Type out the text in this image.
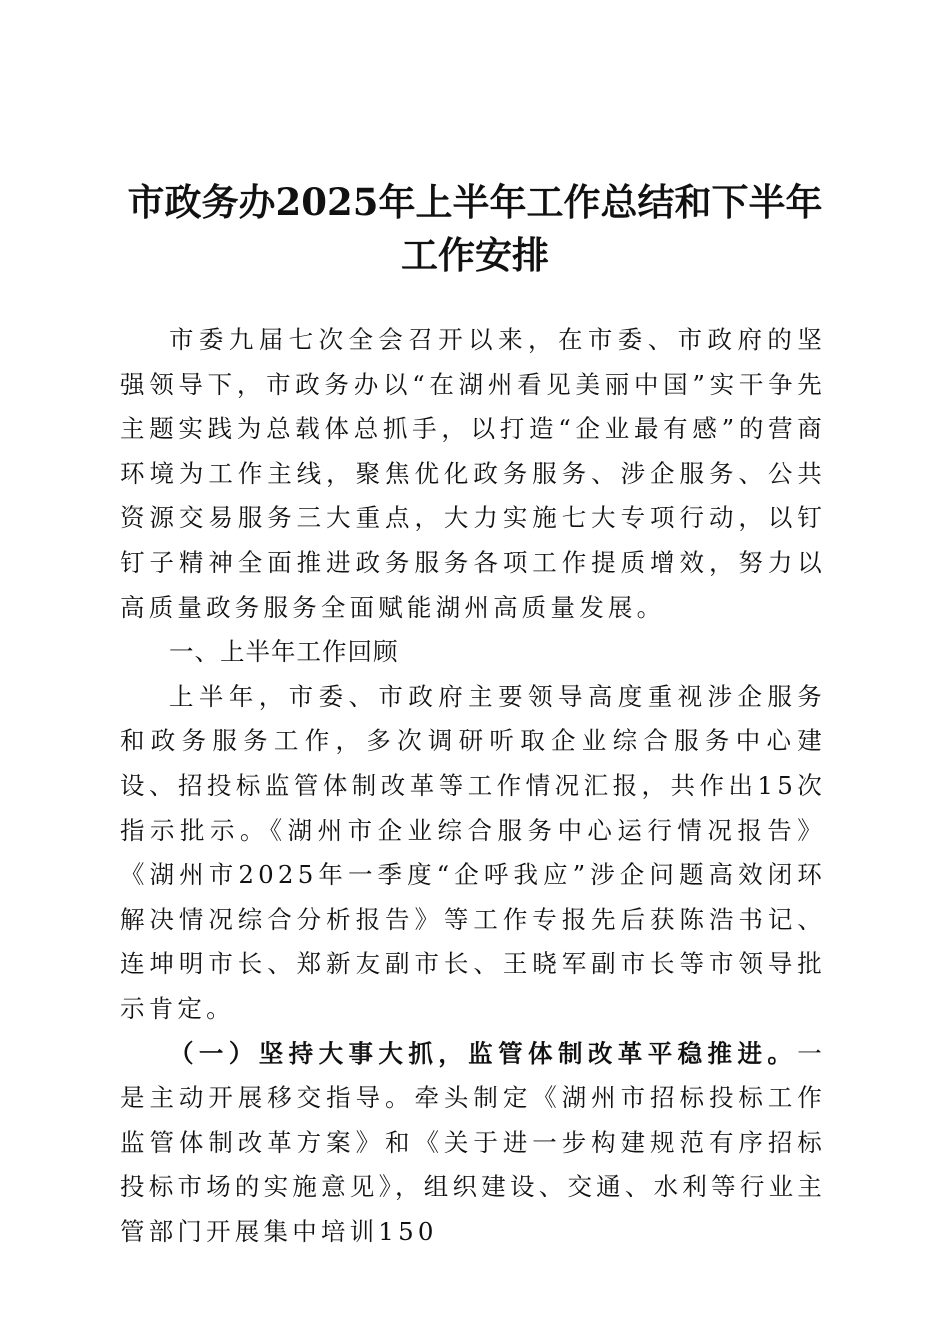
市政务办2025年上半年工作总结和下半年工作安排

市委九届七次全会召开以来，在市委、市政府的坚强领导下，市政务办以“在湖州看见美丽中国”实干争先主题实践为总载体总抓手，以打造“企业最有感”的营商环境为工作主线，聚焦优化政务服务、涉企服务、公共资源交易服务三大重点，大力实施七大专项行动，以钉钉子精神全面推进政务服务各项工作提质增效，努力以高质量政务服务全面赋能湖州高质量发展。

一、上半年工作回顾

上半年，市委、市政府主要领导高度重视涉企服务和政务服务工作，多次调研听取企业综合服务中心建设、招投标监管体制改革等工作情况汇报，共作出15次指示批示。《湖州市企业综合服务中心运行情况报告》《湖州市2025年一季度“企呼我应”涉企问题高效闭环解决情况综合分析报告》等工作专报先后获陈浩书记、连坤明市长、郑新友副市长、王晓军副市长等市领导批示肯定。

（一）坚持大事大抓，监管体制改革平稳推进。一是主动开展移交指导。牵头制定《湖州市招标投标工作监管体制改革方案》和《关于进一步构建规范有序招标投标市场的实施意见》，组织建设、交通、水利等行业主管部门开展集中培训150
